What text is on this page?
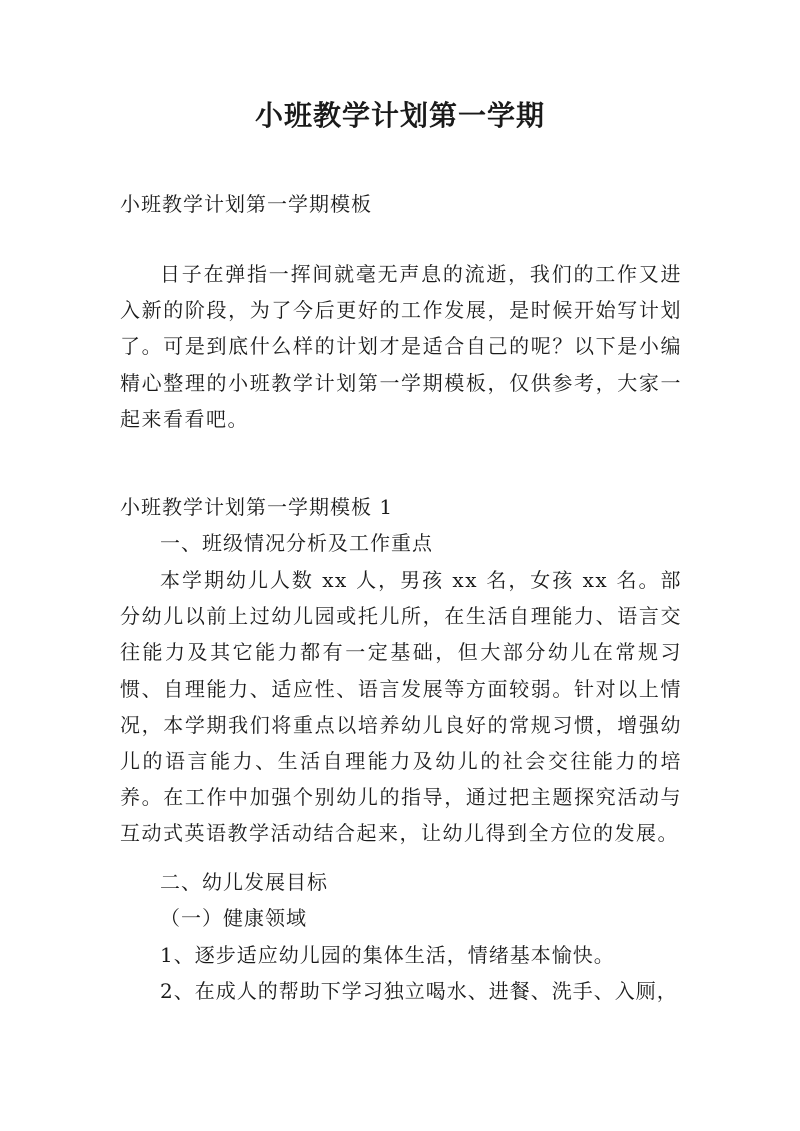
小班教学计划第一学期
小班教学计划第一学期模板

日子在弹指一挥间就毫无声息的流逝，我们的工作又进入新的阶段，为了今后更好的工作发展，是时候开始写计划了。可是到底什么样的计划才是适合自己的呢？以下是小编精心整理的小班教学计划第一学期模板，仅供参考，大家一起来看看吧。

小班教学计划第一学期模板 1
一、班级情况分析及工作重点

本学期幼儿人数 xx 人，男孩 xx 名，女孩 xx 名。部分幼儿以前上过幼儿园或托儿所，在生活自理能力、语言交往能力及其它能力都有一定基础，但大部分幼儿在常规习惯、自理能力、适应性、语言发展等方面较弱。针对以上情况，本学期我们将重点以培养幼儿良好的常规习惯，增强幼儿的语言能力、生活自理能力及幼儿的社会交往能力的培养。在工作中加强个别幼儿的指导，通过把主题探究活动与互动式英语教学活动结合起来，让幼儿得到全方位的发展。

二、幼儿发展目标
（一）健康领域
1、逐步适应幼儿园的集体生活，情绪基本愉快。
2、在成人的帮助下学习独立喝水、进餐、洗手、入厕，
